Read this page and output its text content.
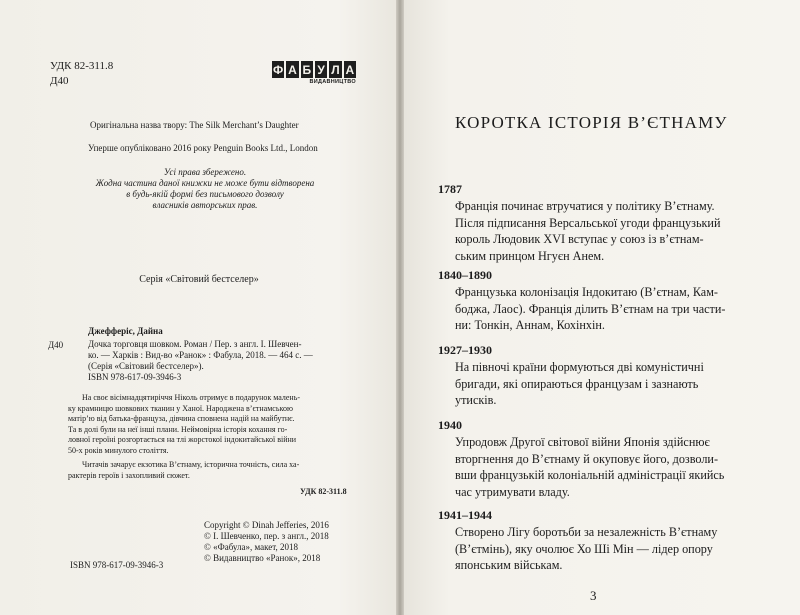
УДК 82-311.8
Д40
Ф А Б У Л А
ВИДАВНИЦТВО
Оригінальна назва твору: The Silk Merchant’s Daughter
Уперше опубліковано 2016 року Penguin Books Ltd., London
Усі права збережено.
Жодна частина даної книжки не може бути відтворена
в будь-якій формі без письмового дозволу
власників авторських прав.
Серія «Світовий бестселер»
Д40
Джефферіс, Дайна
Дочка торговця шовком. Роман / Пер. з англ. І. Шевчен-
ко. — Харків : Вид-во «Ранок» : Фабула, 2018. — 464 с. —
(Серія «Світовий бестселер»).
ISBN 978-617-09-3946-3
На своє вісімнадцятиріччя Ніколь отримує в подарунок малень-
ку крамницю шовкових тканин у Ханої. Народжена в’єтнамською
матір’ю від батька-француза, дівчина сповнена надій на майбутнє.
Та в долі були на неї інші плани. Неймовірна історія кохання го-
ловної героїні розгортається на тлі жорстокої індокитайської війни
50-х років минулого століття.
Читачів зачарує екзотика В’єтнаму, історична точність, сила ха-
рактерів героїв і захопливий сюжет.
УДК 82-311.8
Copyright © Dinah Jefferies, 2016
© І. Шевченко, пер. з англ., 2018
© «Фабула», макет, 2018
© Видавництво «Ранок», 2018
ISBN 978-617-09-3946-3
КОРОТКА ІСТОРІЯ В’ЄТНАМУ
1787
Франція починає втручатися у політику В’єтнаму.
Після підписання Версальської угоди французький
король Людовик XVI вступає у союз із в’єтнам-
ським принцом Нгуєн Анем.
1840–1890
Французька колонізація Індокитаю (В’єтнам, Кам-
боджа, Лаос). Франція ділить В’єтнам на три части-
ни: Тонкін, Аннам, Кохінхін.
1927–1930
На півночі країни формуються дві комуністичні
бригади, які опираються французам і зазнають
утисків.
1940
Упродовж Другої світової війни Японія здійснює
вторгнення до В’єтнаму й окуповує його, дозволи-
вши французькій колоніальній адміністрації якийсь
час утримувати владу.
1941–1944
Створено Лігу боротьби за незалежність В’єтнаму
(В’єтмінь), яку очолює Хо Ші Мін — лідер опору
японським військам.
3
